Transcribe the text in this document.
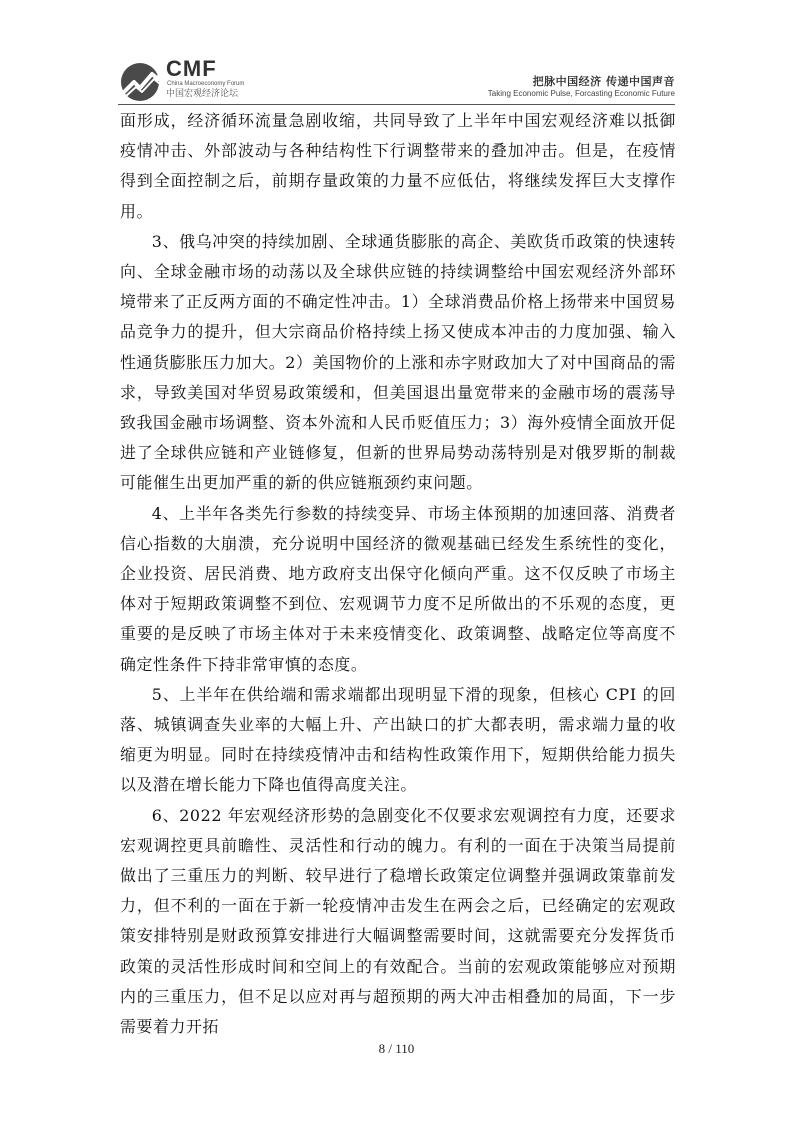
CMF
China Macroeconomy Forum
中国宏观经济论坛
把脉中国经济 传递中国声音
Taking Economic Pulse, Forcasting Economic Future

面形成，经济循环流量急剧收缩，共同导致了上半年中国宏观经济难以抵御疫情冲击、外部波动与各种结构性下行调整带来的叠加冲击。但是，在疫情得到全面控制之后，前期存量政策的力量不应低估，将继续发挥巨大支撑作用。

3、俄乌冲突的持续加剧、全球通货膨胀的高企、美欧货币政策的快速转向、全球金融市场的动荡以及全球供应链的持续调整给中国宏观经济外部环境带来了正反两方面的不确定性冲击。1）全球消费品价格上扬带来中国贸易品竞争力的提升，但大宗商品价格持续上扬又使成本冲击的力度加强、输入性通货膨胀压力加大。2）美国物价的上涨和赤字财政加大了对中国商品的需求，导致美国对华贸易政策缓和，但美国退出量宽带来的金融市场的震荡导致我国金融市场调整、资本外流和人民币贬值压力；3）海外疫情全面放开促进了全球供应链和产业链修复，但新的世界局势动荡特别是对俄罗斯的制裁可能催生出更加严重的新的供应链瓶颈约束问题。

4、上半年各类先行参数的持续变异、市场主体预期的加速回落、消费者信心指数的大崩溃，充分说明中国经济的微观基础已经发生系统性的变化，企业投资、居民消费、地方政府支出保守化倾向严重。这不仅反映了市场主体对于短期政策调整不到位、宏观调节力度不足所做出的不乐观的态度，更重要的是反映了市场主体对于未来疫情变化、政策调整、战略定位等高度不确定性条件下持非常审慎的态度。

5、上半年在供给端和需求端都出现明显下滑的现象，但核心 CPI 的回落、城镇调查失业率的大幅上升、产出缺口的扩大都表明，需求端力量的收缩更为明显。同时在持续疫情冲击和结构性政策作用下，短期供给能力损失以及潜在增长能力下降也值得高度关注。

6、2022 年宏观经济形势的急剧变化不仅要求宏观调控有力度，还要求宏观调控更具前瞻性、灵活性和行动的魄力。有利的一面在于决策当局提前做出了三重压力的判断、较早进行了稳增长政策定位调整并强调政策靠前发力，但不利的一面在于新一轮疫情冲击发生在两会之后，已经确定的宏观政策安排特别是财政预算安排进行大幅调整需要时间，这就需要充分发挥货币政策的灵活性形成时间和空间上的有效配合。当前的宏观政策能够应对预期内的三重压力，但不足以应对再与超预期的两大冲击相叠加的局面，下一步需要着力开拓

8 / 110
